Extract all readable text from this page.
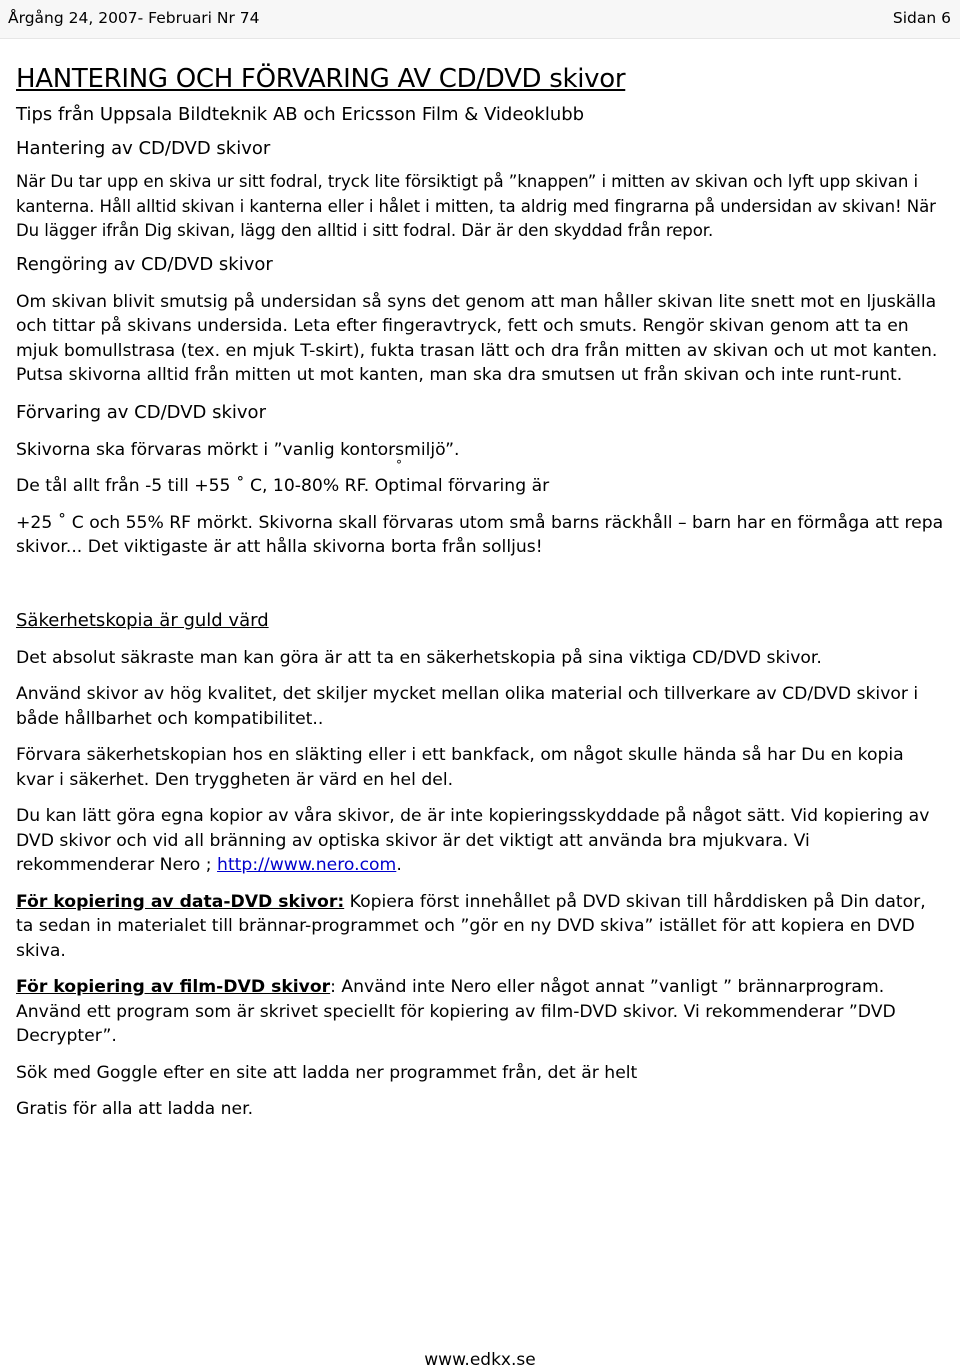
Årgång 24, 2007- Februari Nr 74	Sidan 6
HANTERING OCH FÖRVARING AV CD/DVD skivor
Tips från Uppsala Bildteknik AB och Ericsson Film & Videoklubb
Hantering av CD/DVD skivor

När Du tar upp en skiva ur sitt fodral, tryck lite försiktigt på ”knappen” i mitten av skivan och lyft upp skivan i kanterna. Håll alltid skivan i kanterna eller i hålet i mitten, ta aldrig med fingrarna på undersidan av skivan! När Du lägger ifrån Dig skivan, lägg den alltid i sitt fodral. Där är den skyddad från repor.

Rengöring av CD/DVD skivor

Om skivan blivit smutsig på undersidan så syns det genom att man håller skivan lite snett mot en ljuskälla och tittar på skivans undersida. Leta efter fingeravtryck, fett och smuts. Rengör skivan genom att ta en mjuk bomullstrasa (tex. en mjuk T-skirt), fukta trasan lätt och dra från mitten av skivan och ut mot kanten. Putsa skivorna alltid från mitten ut mot kanten, man ska dra smutsen ut från skivan och inte runt-runt.

Förvaring av CD/DVD skivor

Skivorna ska förvaras mörkt i ”vanlig kontorsmiljö”.

De tål allt från -5 till +55 ˚ C, 10-80% RF. Optimal förvaring är

+25 ˚ C och 55% RF mörkt. Skivorna skall förvaras utom små barns räckhåll – barn har en förmåga att repa skivor... Det viktigaste är att hålla skivorna borta från solljus!

Säkerhetskopia är guld värd

Det absolut säkraste man kan göra är att ta en säkerhetskopia på sina viktiga CD/DVD skivor.

Använd skivor av hög kvalitet, det skiljer mycket mellan olika material och tillverkare av CD/DVD skivor i både hållbarhet och kompatibilitet..

Förvara säkerhetskopian hos en släkting eller i ett bankfack, om något skulle hända så har Du en kopia kvar i säkerhet. Den tryggheten är värd en hel del.

Du kan lätt göra egna kopior av våra skivor, de är inte kopieringsskyddade på något sätt. Vid kopiering av DVD skivor och vid all bränning av optiska skivor är det viktigt att använda bra mjukvara. Vi rekommenderar Nero ; http://www.nero.com.

För kopiering av data-DVD skivor: Kopiera först innehållet på DVD skivan till hårddisken på Din dator, ta sedan in materialet till brännar-programmet och ”gör en ny DVD skiva” istället för att kopiera en DVD skiva.

För kopiering av film-DVD skivor: Använd inte Nero eller något annat ”vanligt ” brännarprogram. Använd ett program som är skrivet speciellt för kopiering av film-DVD skivor. Vi rekommenderar ”DVD Decrypter”.

Sök med Goggle efter en site att ladda ner programmet från, det är helt

Gratis för alla att ladda ner.

°
www.edkx.se
